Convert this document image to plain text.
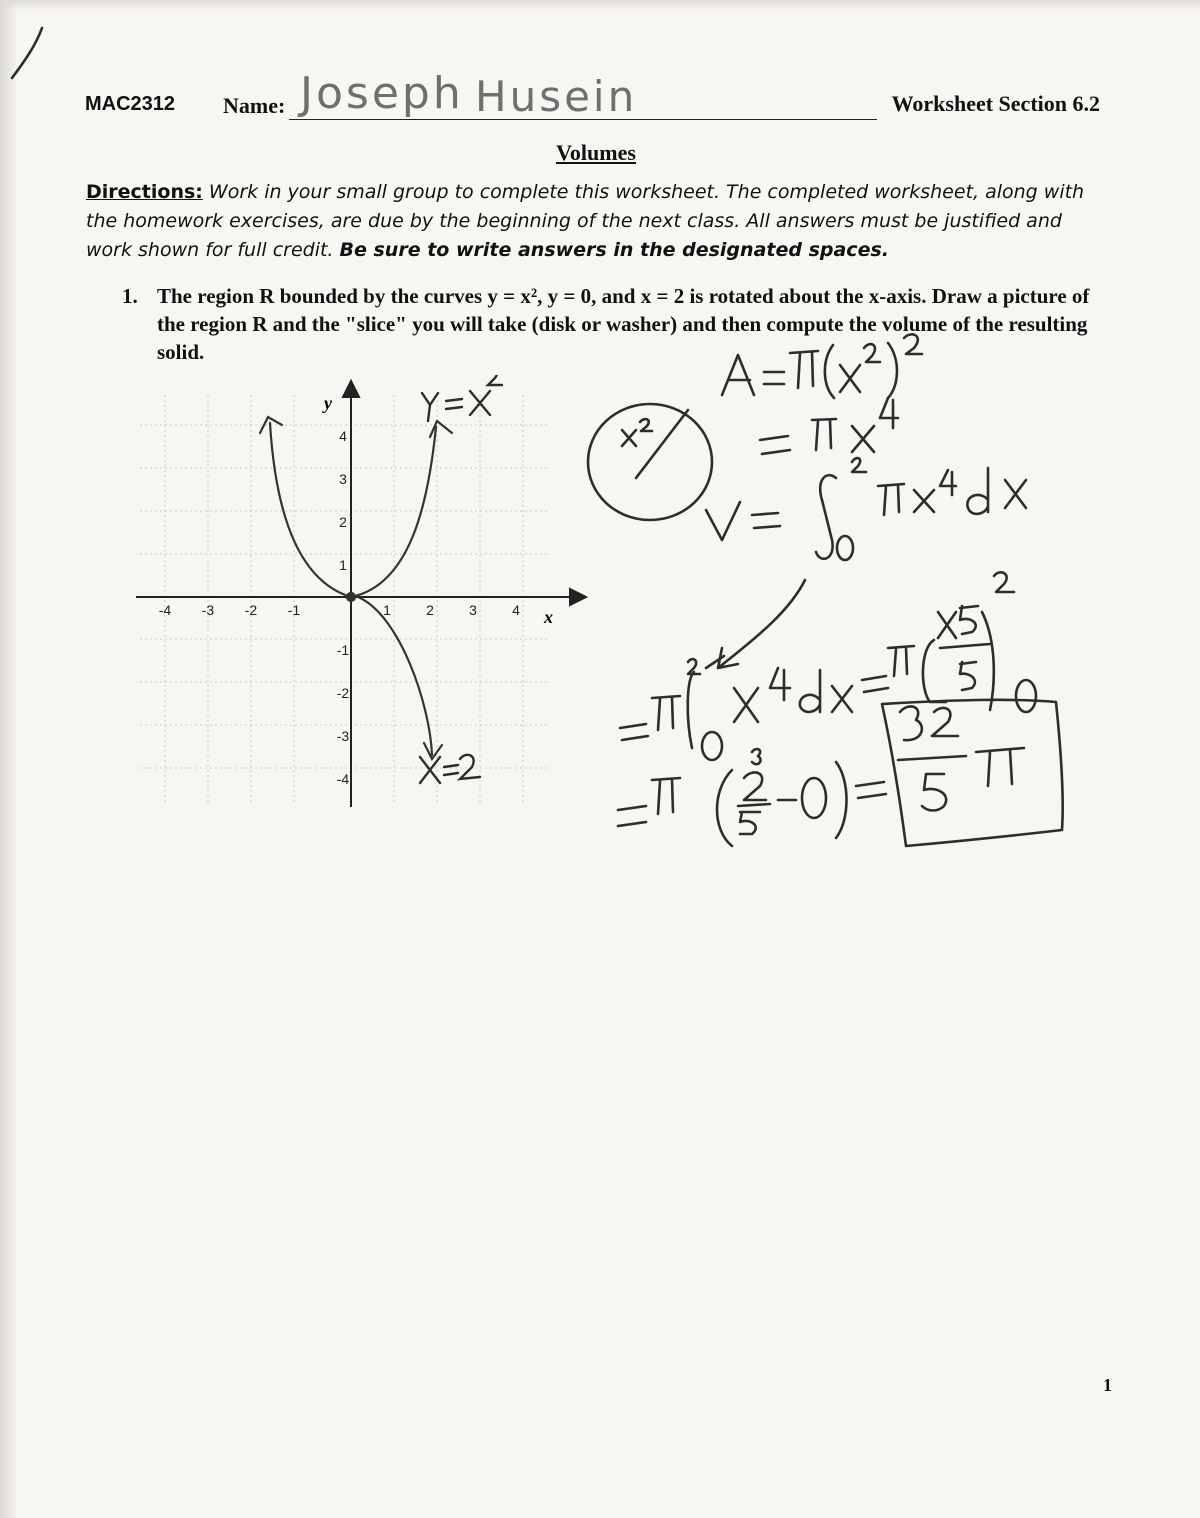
MAC2312 Name: Joseph Husein	Worksheet Section 6.2
Volumes
Directions: Work in your small group to complete this worksheet. The completed worksheet, along with the homework exercises, are due by the beginning of the next class. All answers must be justified and work shown for full credit. Be sure to write answers in the designated spaces.
1. The region R bounded by the curves y = x², y = 0, and x = 2 is rotated about the x-axis. Draw a picture of the region R and the "slice" you will take (disk or washer) and then compute the volume of the resulting solid.
x
y
-4 -3 -2 -1	1	2	3	4
4
3
2
1
-1
-2
-3
-4
1
